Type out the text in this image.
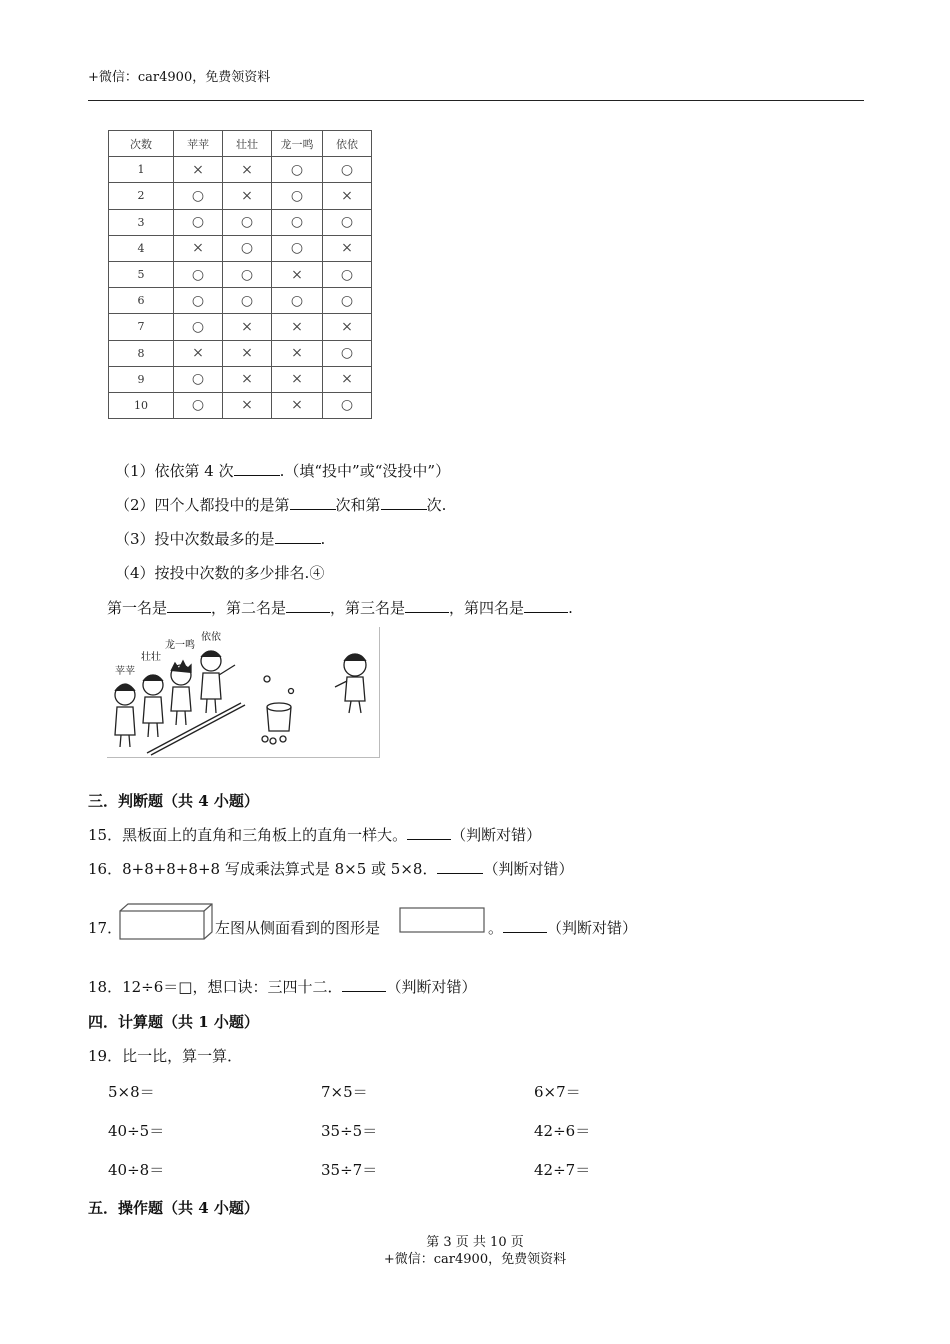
+微信：car4900，免费领资料
次数	苹苹	壮壮	龙一鸣	依依
1	×	×	○	○
2	○	×	○	×
3	○	○	○	○
4	×	○	○	×
5	○	○	×	○
6	○	○	○	○
7	○	×	×	×
8	×	×	×	○
9	○	×	×	×
10	○	×	×	○
（1）依依第 4 次	.（填“投中”或“没投中”）
（2）四个人都投中的是第	次和第	次.
（3）投中次数最多的是	.
（4）按投中次数的多少排名.④
第一名是	，第二名是	，第三名是	，第四名是	.
苹苹
壮壮
龙一鸣
依依
三．判断题（共 4 小题）
15．黑板面上的直角和三角板上的直角一样大。	（判断对错）
16．8+8+8+8+8 写成乘法算式是 8×5 或 5×8．	（判断对错）
17．	左图从侧面看到的图形是	。	（判断对错）
18．12÷6＝□，想口诀：三四十二．	（判断对错）
四．计算题（共 1 小题）
19．比一比，算一算．
5×8＝	7×5＝	6×7＝
40÷5＝	35÷5＝	42÷6＝
40÷8＝	35÷7＝	42÷7＝
五．操作题（共 4 小题）
第 3 页 共 10 页
+微信：car4900，免费领资料
